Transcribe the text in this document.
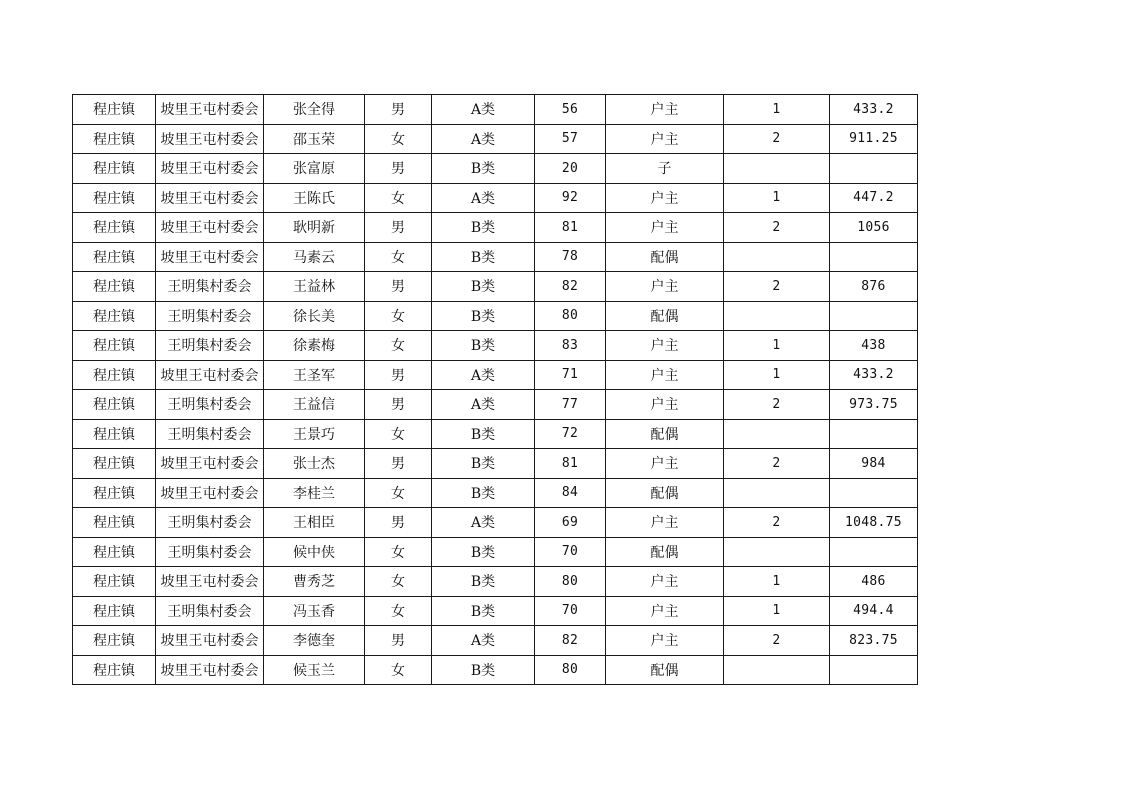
程庄镇	坡里王屯村委会	张全得	男	A类	56	户主	1	433.2
程庄镇	坡里王屯村委会	邵玉荣	女	A类	57	户主	2	911.25
程庄镇	坡里王屯村委会	张富原	男	B类	20	子		
程庄镇	坡里王屯村委会	王陈氏	女	A类	92	户主	1	447.2
程庄镇	坡里王屯村委会	耿明新	男	B类	81	户主	2	1056
程庄镇	坡里王屯村委会	马素云	女	B类	78	配偶		
程庄镇	王明集村委会	王益林	男	B类	82	户主	2	876
程庄镇	王明集村委会	徐长美	女	B类	80	配偶		
程庄镇	王明集村委会	徐素梅	女	B类	83	户主	1	438
程庄镇	坡里王屯村委会	王圣军	男	A类	71	户主	1	433.2
程庄镇	王明集村委会	王益信	男	A类	77	户主	2	973.75
程庄镇	王明集村委会	王景巧	女	B类	72	配偶		
程庄镇	坡里王屯村委会	张士杰	男	B类	81	户主	2	984
程庄镇	坡里王屯村委会	李桂兰	女	B类	84	配偶		
程庄镇	王明集村委会	王相臣	男	A类	69	户主	2	1048.75
程庄镇	王明集村委会	候中侠	女	B类	70	配偶		
程庄镇	坡里王屯村委会	曹秀芝	女	B类	80	户主	1	486
程庄镇	王明集村委会	冯玉香	女	B类	70	户主	1	494.4
程庄镇	坡里王屯村委会	李德奎	男	A类	82	户主	2	823.75
程庄镇	坡里王屯村委会	候玉兰	女	B类	80	配偶		
